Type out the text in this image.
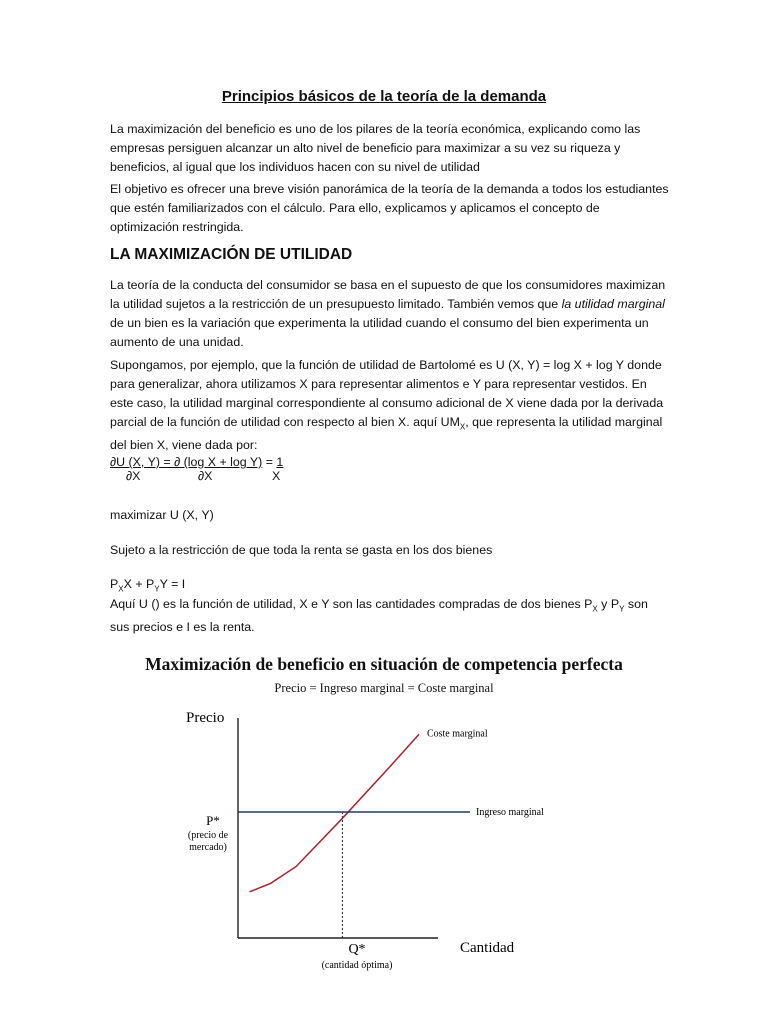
Principios básicos de la teoría de la demanda
La maximización del beneficio es uno de los pilares de la teoría económica, explicando como las empresas persiguen alcanzar un alto nivel de beneficio para maximizar a su vez su riqueza y beneficios, al igual que los individuos hacen con su nivel de utilidad
El objetivo es ofrecer una breve visión panorámica de la teoría de la demanda a todos los estudiantes que estén familiarizados con el cálculo. Para ello, explicamos y aplicamos el concepto de optimización restringida.
LA MAXIMIZACIÓN DE UTILIDAD
La teoría de la conducta del consumidor se basa en el supuesto de que los consumidores maximizan la utilidad sujetos a la restricción de un presupuesto limitado. También vemos que la utilidad marginal de un bien es la variación que experimenta la utilidad cuando el consumo del bien experimenta un aumento de una unidad.
Supongamos, por ejemplo, que la función de utilidad de Bartolomé es U (X, Y) = log X + log Y donde para generalizar, ahora utilizamos X para representar alimentos e Y para representar vestidos. En este caso, la utilidad marginal correspondiente al consumo adicional de X viene dada por la derivada parcial de la función de utilidad con respecto al bien X. aquí $UM_X$, que representa la utilidad marginal del bien X, viene dada por:
∂U (X, Y) = ∂ (log X + log Y) = 1
∂X	∂X	X
maximizar U (X, Y)
Sujeto a la restricción de que toda la renta se gasta en los dos bienes
$P_XX + P_YY = I$
Aquí U () es la función de utilidad, X e Y son las cantidades compradas de dos bienes $P_X$ y $P_Y$ son sus precios e I es la renta.
Maximización de beneficio en situación de competencia perfecta
Precio = Ingreso marginal = Coste marginal
Precio
Cantidad
P*
(precio de
mercado)
Q*
(cantidad óptima)
Coste marginal
Ingreso marginal
